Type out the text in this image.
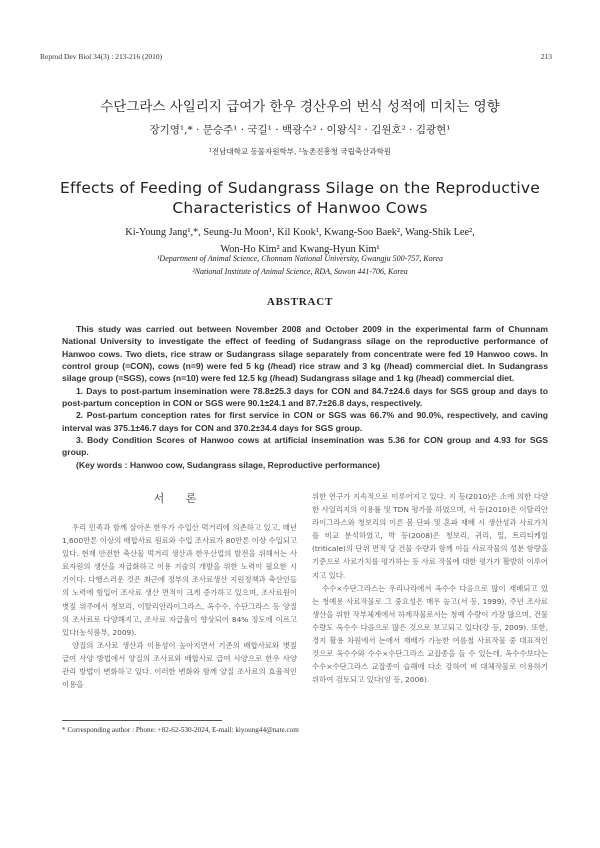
Reprod Dev Biol 34(3) : 213-216 (2010)	213
수단그라스 사일리지 급여가 한우 경산우의 번식 성적에 미치는 영향
장기영¹,* · 문승주¹ · 국길¹ · 백광수² · 이왕식² · 김원호² · 김광현¹
¹전남대학교 동물자원학부, ²농촌진흥청 국립축산과학원
Effects of Feeding of Sudangrass Silage on the Reproductive
Characteristics of Hanwoo Cows
Ki-Young Jang¹,*, Seung-Ju Moon¹, Kil Kook¹, Kwang-Soo Baek², Wang-Shik Lee²,
Won-Ho Kim² and Kwang-Hyun Kim¹
¹Department of Animal Science, Chonnam National University, Gwangju 500-757, Korea
²National Institute of Animal Science, RDA, Suwon 441-706, Korea
ABSTRACT

This study was carried out between November 2008 and October 2009 in the experimental farm of Chunnam National University to investigate the effect of feeding of Sudangrass silage on the reproductive performance of Hanwoo cows. Two diets, rice straw or Sudangrass silage separately from concentrate were fed 19 Hanwoo cows. In control group (=CON), cows (n=9) were fed 5 kg (/head) rice straw and 3 kg (/head) commercial diet. In Sudangrass silage group (=SGS), cows (n=10) were fed 12.5 kg (/head) Sudangrass silage and 1 kg (/head) commercial diet.

1. Days to post-partum insemination were 78.8±25.3 days for CON and 84.7±24.6 days for SGS group and days to post-partum conception in CON or SGS were 90.1±24.1 and 87.7±26.8 days, respectively.

2. Post-partum conception rates for first service in CON or SGS was 66.7% and 90.0%, respectively, and caving interval was 375.1±46.7 days for CON and 370.2±34.4 days for SGS group.

3. Body Condition Scores of Hanwoo cows at artificial insemination was 5.36 for CON group and 4.93 for SGS group.

(Key words : Hanwoo cow, Sudangrass silage, Reproductive performance)

서 론

우리 민족과 함께 살아온 한우가 수입산 먹거리에 의존하고 있고, 매년 1,600만톤 이상의 배합사료 원료와 수입 조사료가 80만톤 이상 수입되고 있다. 현재 안전한 축산물 먹거리 생산과 한우산업의 발전을 위해서는 사료자원의 생산을 자급화하고 이용 기술의 개발을 위한 노력이 필요한 시기이다. 다행스러운 것은 최근에 정부의 조사료생산 지원정책과 축산인들의 노력에 힘입어 조사료 생산 면적이 크게 증가하고 있으며, 조사료원이 볏짚 위주에서 청보리, 이탈리안라이그라스, 옥수수, 수단그라스 등 양질의 조사료로 다양해지고, 조사료 자급율이 향상되어 84% 정도에 이르고 있다(농식품부, 2009).

양질의 조사료 생산과 이용성이 높아지면서 기존의 배합사료와 볏짚 급여 사양 방법에서 양질의 조사료와 배합사료 급여 사양으로 한우 사양 관리 방법이 변화하고 있다. 이러한 변화와 함께 양질 조사료의 효율적인 이용을

위한 연구가 지속적으로 이루어지고 있다. 지 등(2010)은 소에 의한 다양한 사일리지의 이용률 및 TDN 평가를 하였으며, 서 등(2010)은 이탈리안 라이그라스와 청보리의 이른 봄 단파 및 혼파 재배 시 생산성과 사료가치를 비교 분석하였고, 박 등(2008)은 청보리, 귀리, 밀, 트리티케일(triticale)의 단위 면적 당 건물 수량과 함께 이들 사료작물의 성분 함량을 기준으로 사료가치를 평가하는 등 사료 작물에 대한 평가가 활발히 이루어지고 있다.

수수×수단그라스는 우리나라에서 옥수수 다음으로 많이 재배되고 있는 청예용 사료작물로 그 중요성은 매우 높고(서 등, 1999), 주년 조사료 생산을 위한 작부체계에서 하계작물로서는 청예 수량이 가장 많으며, 건물 수량도 옥수수 다음으로 많은 것으로 보고되고 있다(강 등, 2009). 또한, 경지 활용 차원에서 논에서 재배가 가능한 여름철 사료작물 중 대표적인 것으로 옥수수와 수수×수단그라스 교잡종을 들 수 있는데, 옥수수보다는 수수×수단그라스 교잡종이 습해에 다소 강하여 벼 대체작물로 이용하기 위하여 검토되고 있다(임 등, 2006).

* Corresponding author : Phone: +82-62-530-2024, E-mail: kiyoung44@nate.com
